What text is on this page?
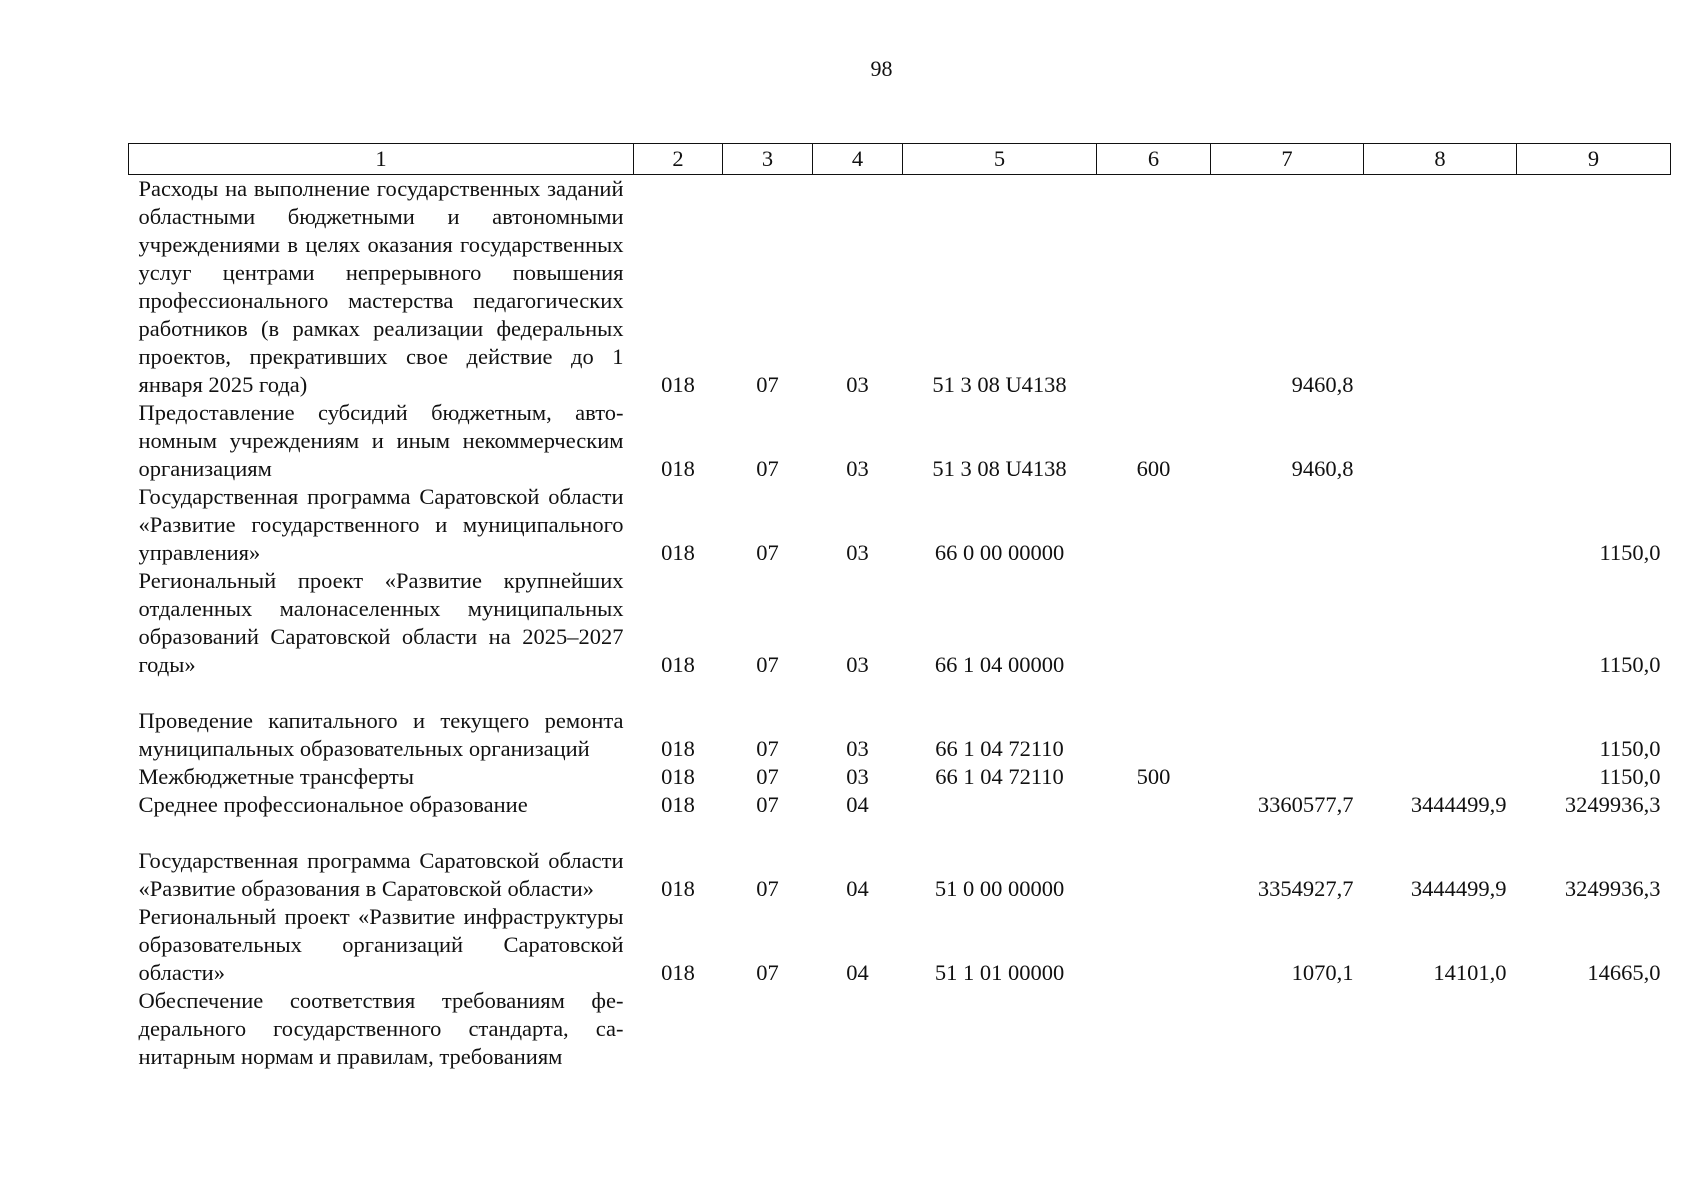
98
1	2	3	4	5	6	7	8	9
Расходы на выполнение государственных заданий областными бюджетными и автономными учреждениями в целях оказания государственных услуг центрами непрерывного повышения профессионального мастерства педагогических работников (в рамках реализации федеральных проектов, прекративших свое действие до 1 января 2025 года)	018	07	03	51 3 08 U4138		9460,8		
Предоставление субсидий бюджетным, автономным учреждениям и иным некоммерческим организациям	018	07	03	51 3 08 U4138	600	9460,8		
Государственная программа Саратовской области «Развитие государственного и муниципального управления»	018	07	03	66 0 00 00000				1150,0
Региональный проект «Развитие крупнейших отдаленных малонаселенных муниципальных образований Саратовской области на 2025–2027 годы»	018	07	03	66 1 04 00000				1150,0
Проведение капитального и текущего ремонта муниципальных образовательных организаций	018	07	03	66 1 04 72110				1150,0
Межбюджетные трансферты	018	07	03	66 1 04 72110	500			1150,0
Среднее профессиональное образование	018	07	04			3360577,7	3444499,9	3249936,3
Государственная программа Саратовской области «Развитие образования в Саратовской области»	018	07	04	51 0 00 00000		3354927,7	3444499,9	3249936,3
Региональный проект «Развитие инфраструктуры образовательных организаций Саратовской области»	018	07	04	51 1 01 00000		1070,1	14101,0	14665,0
Обеспечение соответствия требованиям федерального государственного стандарта, санитарным нормам и правилам, требованиям								
